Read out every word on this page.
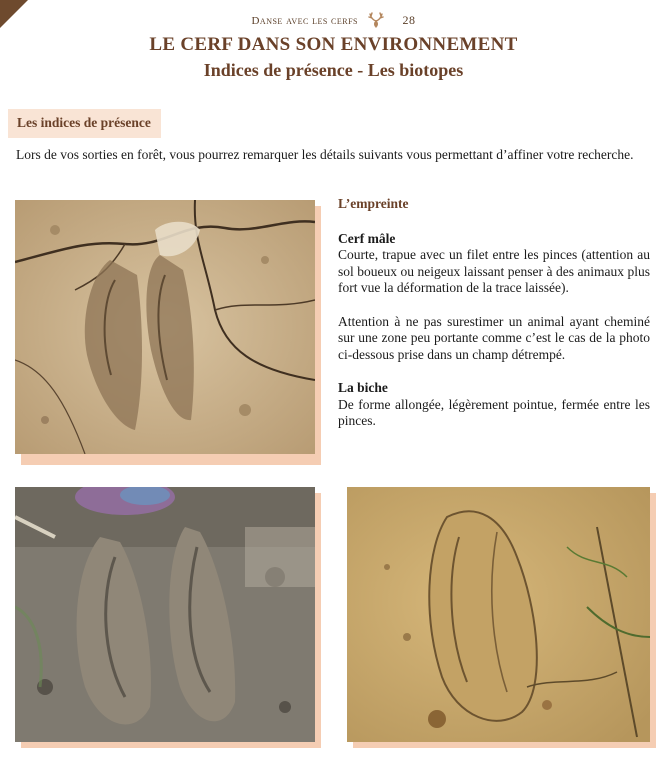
Danse avec les cerfs	28
LE CERF DANS SON ENVIRONNEMENT
Indices de présence - Les biotopes
Les indices de présence
Lors de vos sorties en forêt, vous pourrez remarquer les détails suivants vous permettant d’affiner votre recherche.
L’empreinte
Cerf mâle

Courte, trapue avec un filet entre les pinces (attention au sol boueux ou neigeux laissant penser à des animaux plus fort vue la déformation de la trace laissée).

Attention à ne pas surestimer un animal ayant cheminé sur une zone peu portante comme c’est le cas de la photo ci-dessous prise dans un champ détrempé.

La biche

De forme allongée, légèrement pointue, fermée entre les pinces.
